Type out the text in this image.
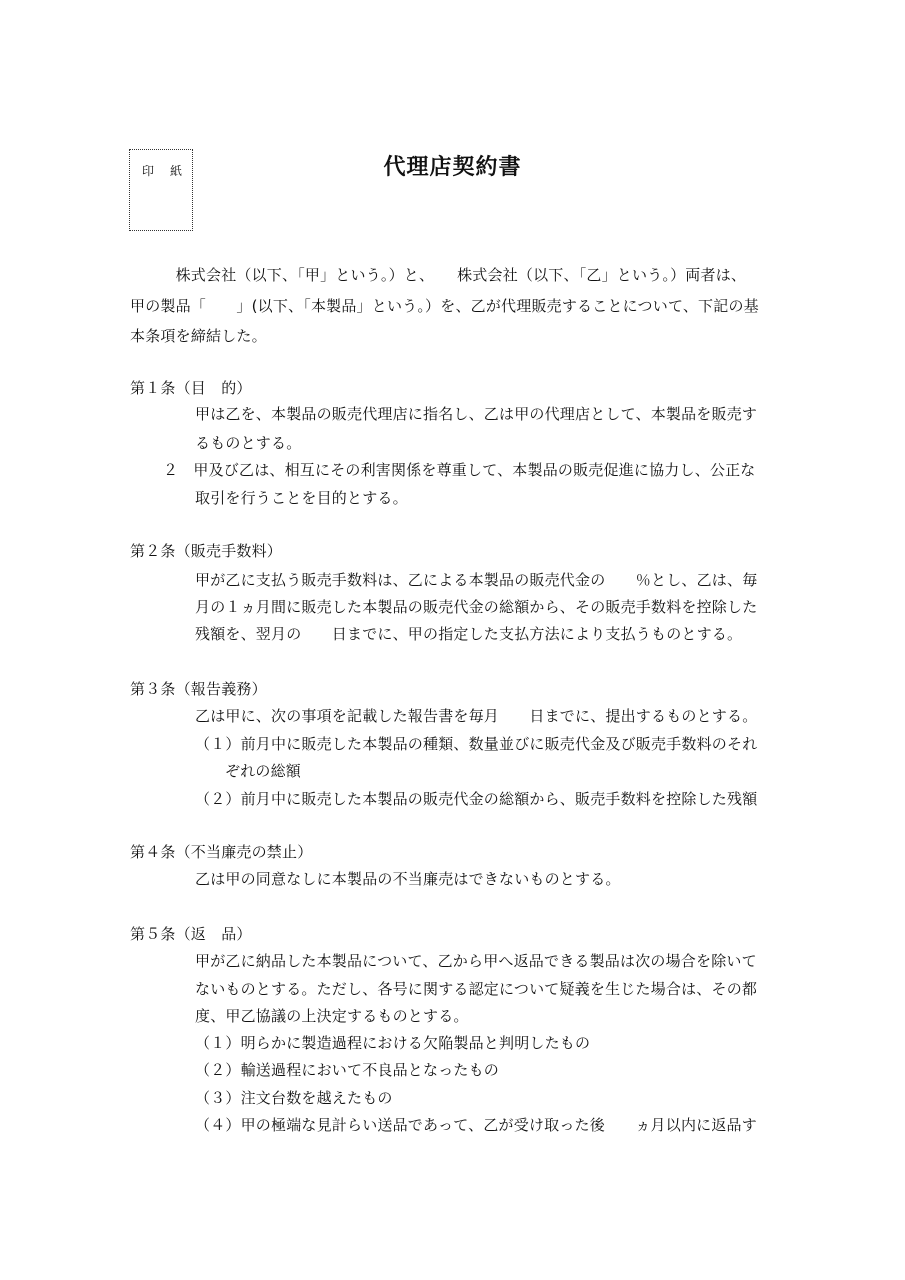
印　紙	代理店契約書
　　　株式会社（以下、「甲」という。）と、　　株式会社（以下、「乙」という。）両者は、
甲の製品「　　」(以下、「本製品」という。）を、乙が代理販売することについて、下記の基
本条項を締結した。
第１条（目　的）
甲は乙を、本製品の販売代理店に指名し、乙は甲の代理店として、本製品を販売す
るものとする。
２　甲及び乙は、相互にその利害関係を尊重して、本製品の販売促進に協力し、公正な
取引を行うことを目的とする。
第２条（販売手数料）
甲が乙に支払う販売手数料は、乙による本製品の販売代金の　　％とし、乙は、毎
月の１ヵ月間に販売した本製品の販売代金の総額から、その販売手数料を控除した
残額を、翌月の　　日までに、甲の指定した支払方法により支払うものとする。
第３条（報告義務）
乙は甲に、次の事項を記載した報告書を毎月　　日までに、提出するものとする。
（１）前月中に販売した本製品の種類、数量並びに販売代金及び販売手数料のそれ
ぞれの総額
（２）前月中に販売した本製品の販売代金の総額から、販売手数料を控除した残額
第４条（不当廉売の禁止）
乙は甲の同意なしに本製品の不当廉売はできないものとする。
第５条（返　品）
甲が乙に納品した本製品について、乙から甲へ返品できる製品は次の場合を除いて
ないものとする。ただし、各号に関する認定について疑義を生じた場合は、その都
度、甲乙協議の上決定するものとする。
（１）明らかに製造過程における欠陥製品と判明したもの
（２）輸送過程において不良品となったもの
（３）注文台数を越えたもの
（４）甲の極端な見計らい送品であって、乙が受け取った後　　ヵ月以内に返品す
